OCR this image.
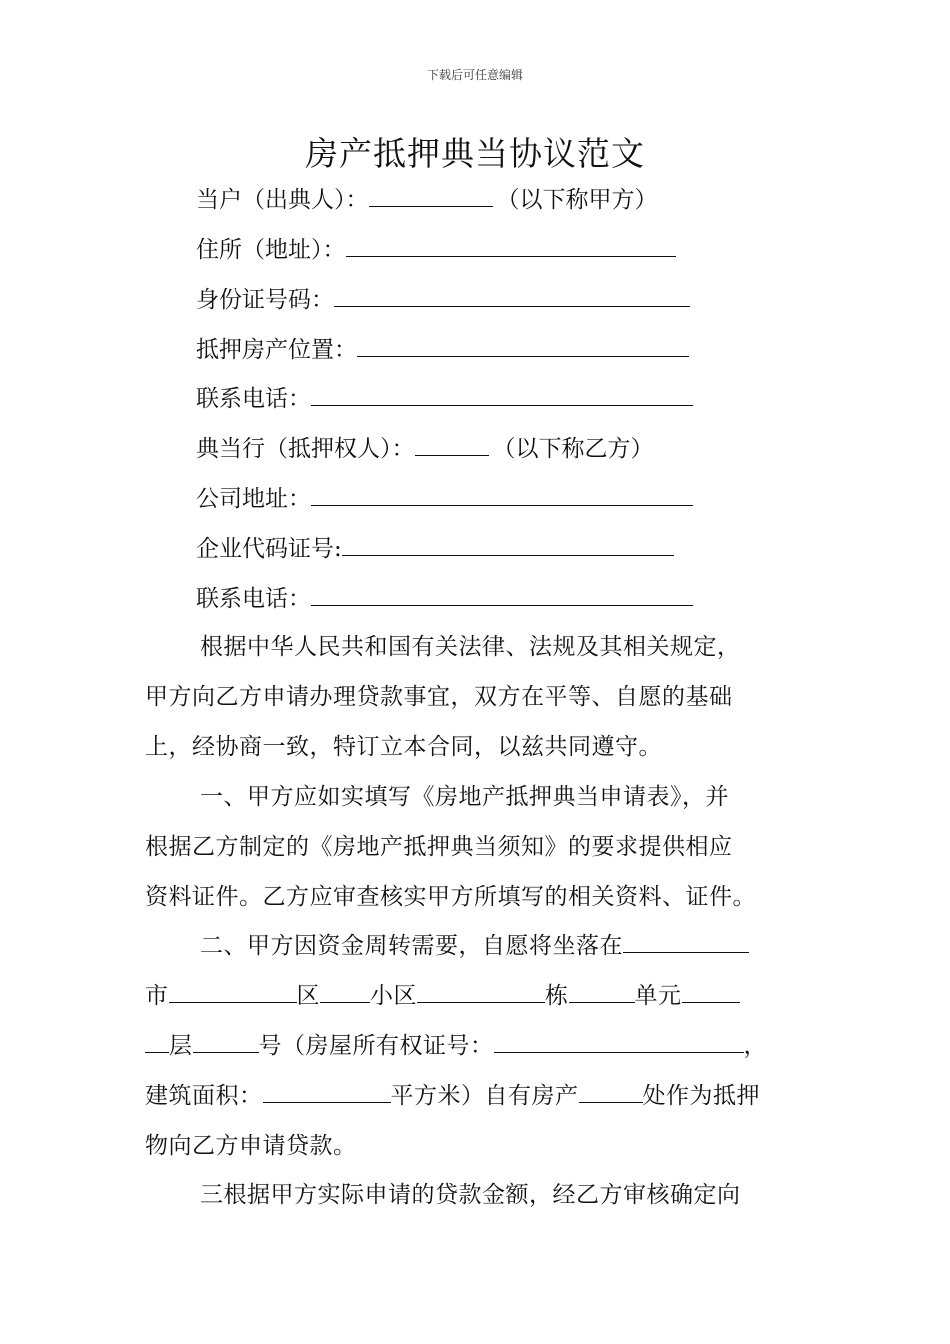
下载后可任意编辑
房产抵押典当协议范文
当户（出典人）：	（以下称甲方）
住所（地址）：
身份证号码：
抵押房产位置：
联系电话：
典当行（抵押权人）：	（以下称乙方）
公司地址：
企业代码证号:
联系电话：
根据中华人民共和国有关法律、法规及其相关规定，
甲方向乙方申请办理贷款事宜，双方在平等、自愿的基础
上，经协商一致，特订立本合同，以兹共同遵守。
一、甲方应如实填写《房地产抵押典当申请表》，并
根据乙方制定的《房地产抵押典当须知》的要求提供相应
资料证件。乙方应审查核实甲方所填写的相关资料、证件。
二、甲方因资金周转需要，自愿将坐落在
市	区 小区	栋	单元
层	号（房屋所有权证号：	，
建筑面积：	平方米）自有房产	处作为抵押
物向乙方申请贷款。
三根据甲方实际申请的贷款金额，经乙方审核确定向
